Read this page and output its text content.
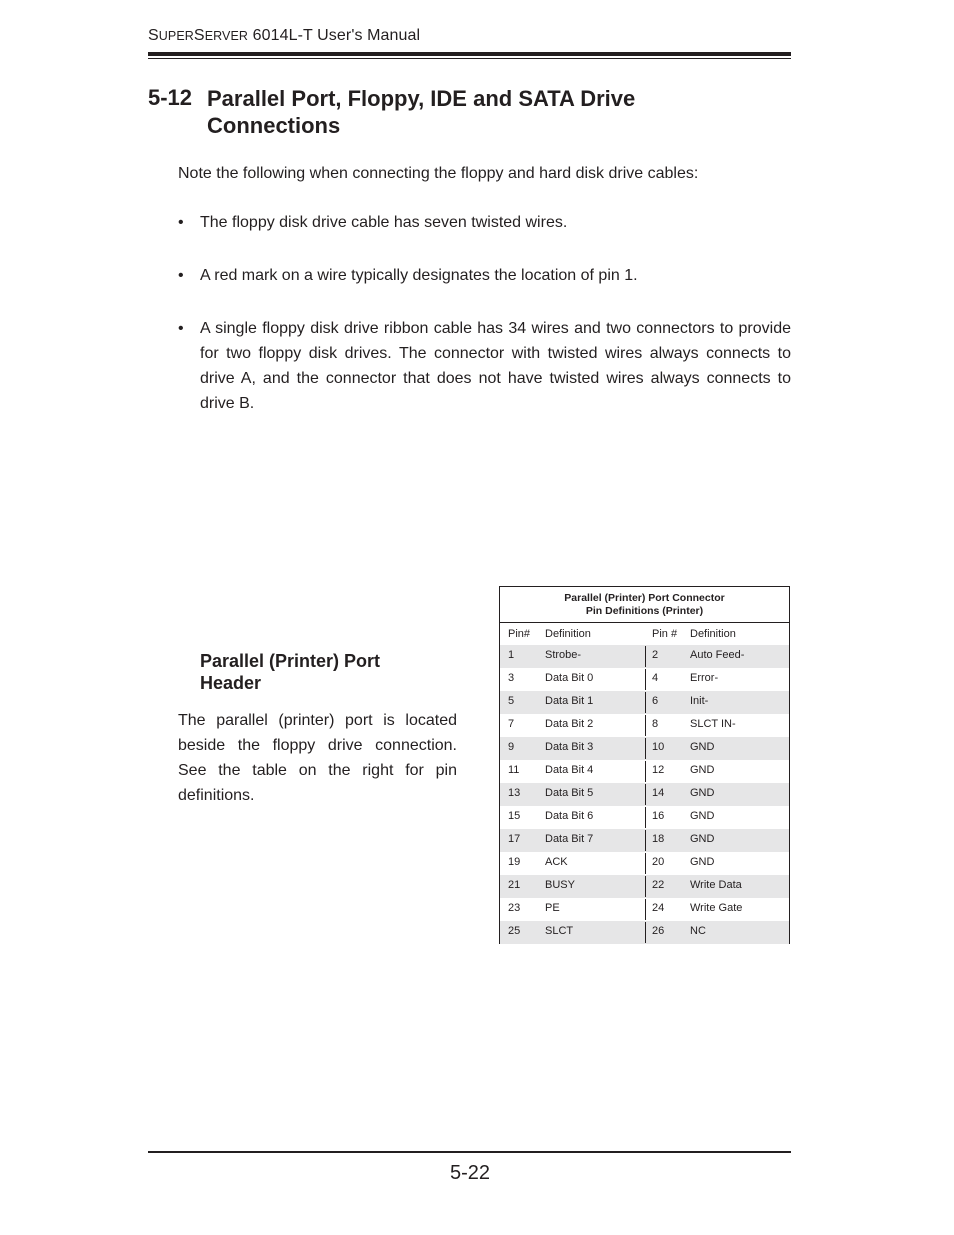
SUPERSERVER 6014L-T User's Manual
5-12 Parallel Port, Floppy, IDE and SATA Drive Connections
Note the following when connecting the floppy and hard disk drive cables:
• The floppy disk drive cable has seven twisted wires.
• A red mark on a wire typically designates the location of pin 1.
• A single floppy disk drive ribbon cable has 34 wires and two connectors to provide for two floppy disk drives. The connector with twisted wires always connects to drive A, and the connector that does not have twisted wires always connects to drive B.
Parallel (Printer) Port Header
The parallel (printer) port is located beside the floppy drive connection. See the table on the right for pin definitions.
Parallel (Printer) Port Connector
Pin Definitions (Printer)
Pin# Definition	Pin # Definition
1	Strobe-	2	Auto Feed-
3	Data Bit 0	4	Error-
5	Data Bit 1	6	Init-
7	Data Bit 2	8	SLCT IN-
9	Data Bit 3	10 GND
11 Data Bit 4	12 GND
13 Data Bit 5	14 GND
15 Data Bit 6	16 GND
17 Data Bit 7	18 GND
19 ACK	20 GND
21 BUSY	22 Write Data
23 PE	24 Write Gate
25 SLCT	26 NC
5-22
